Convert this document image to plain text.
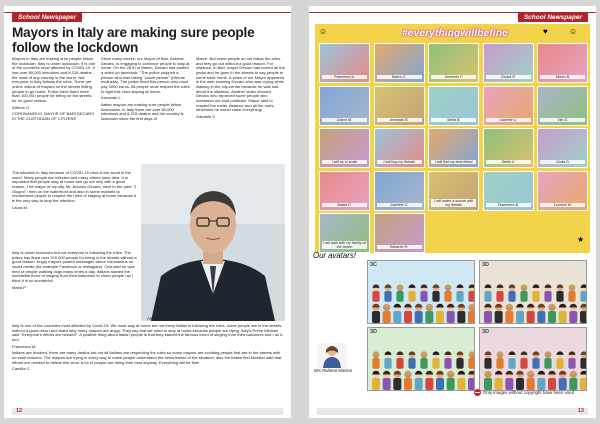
School Newspaper
Mayors in Italy are making sure people follow the lockdown

Mayors in Italy are making sure people follow the lockdown. Italy is under lockdown. It is one of the countries most affected by COVID-19. It has over 80,000 infections and 8,215 deaths - the most of any country in the world. Not everyone in Italy follows the rules. There are online videos of mayors on the streets telling people to go home. Police have fined more than 100,000 people for being on the streets for no good reason.

Alfredo G.

CORONAVIRUS, MAYOR OF BARI DECARO IS THE CUSTODIAN OF CITIZENS

Since many weeks, our Mayor of Bari, Antonio Decaro, is engaging to convince people to stay at home. On the 28 th of March, Decaro has posted a video on facebook: "The police stopped a person who was taking "cozze pelose" (Hirsute mollusks). The police fined this person who must pay 3000 euros. All people must respect the rules to fight this virus staying at home.

Armando L.

Italian mayors are making sure people follow lockdowns. In Italy there are over 80,000 infections and 8,215 deaths and the country is lockdown since the first days of

March. But some people do not follow the rules and they go out without a good reason. For instance, in Bari, mayor Decaro has locked all the parks and he goes in the streets to say people to come back home. A video of our Mayor appeared in the web showing Decaro who was crying while walking in the city-centre because he was sad about the situation. Another video showed Decaro who reproved some people who screamed out loud politician. Mayor said to respect the meter distance and all the rules, otherwise he would close everything!

Gabriele C.

The situation in Italy because of COVID-19 virus is the worst in the world. Many people are infected and many others have died. It is important that people stay at home and go out only with a good reason. The mayor of my city, Mr. Antonio Decaro, went to the park "2 Giugno", then on the waterfront and also in some markets to recommend people to respect the rules of staying at home because it is the only way to stop the infection.

Laura M.

Italy is under lockdown but not everyone is following the rules. The police has fined over 100,000 people for being in the streets without a good reason. Angry mayors posted messages about coronavirus on socila media (for example Facebook or Instagram). One said he was tired of people walking dogs many times a day. Italians started the worldwide trend of singing from their balconies to cheer people up! I think it is so wonderful!

Maria P.

Antonio Decaro, mayor of Bari

Italy is one of the countries most affected by Covid-19. We must stay at home but not every Italian is following the rules, some people are in the streets without a good reson and that's why many mayors are angry. They say that we need to stay at home because people are dying. Italy's Prime Minister said "Everyone's efforts are needed". A positive thing about Italian people is that they started the famous trend of singing from their balconies and I do it, too!

Francesco M.

Italians are blocked, there are many deaths but not all Italians are respecting the rules so many mayors are scolding people that are in the streets with no valid reasons. The mayors are trying in every way to make people understand the seriousness of the situation, also the Italian first Minister said that efforts are needed to defeat this virus. A lot of people are doing their best anyway. Everything will be fine!

Camilla C.

12
School Newspaper
#everythingwillbefine
☺	♥	☺
★
Francesco A.	Marco C.	Vincenzo F.	Chiara R.	Marco B.
Gianni M.	Armando B.	Stella B.	Gabriele C.	Vito G.
I will try to smile	I will hug my friends	I will find my best friend	Stella V.	Giulia D.
Mattia E.	Gabriele C.
I will watch a sunset with my friends	Francesco B.	Lorenzo M.
I will walk with my family on the beach	Edoardo R.
Our avatars!
3C	3D
3D	3D
Mrs Roberta Martino
Only images without copyright have been used
13
